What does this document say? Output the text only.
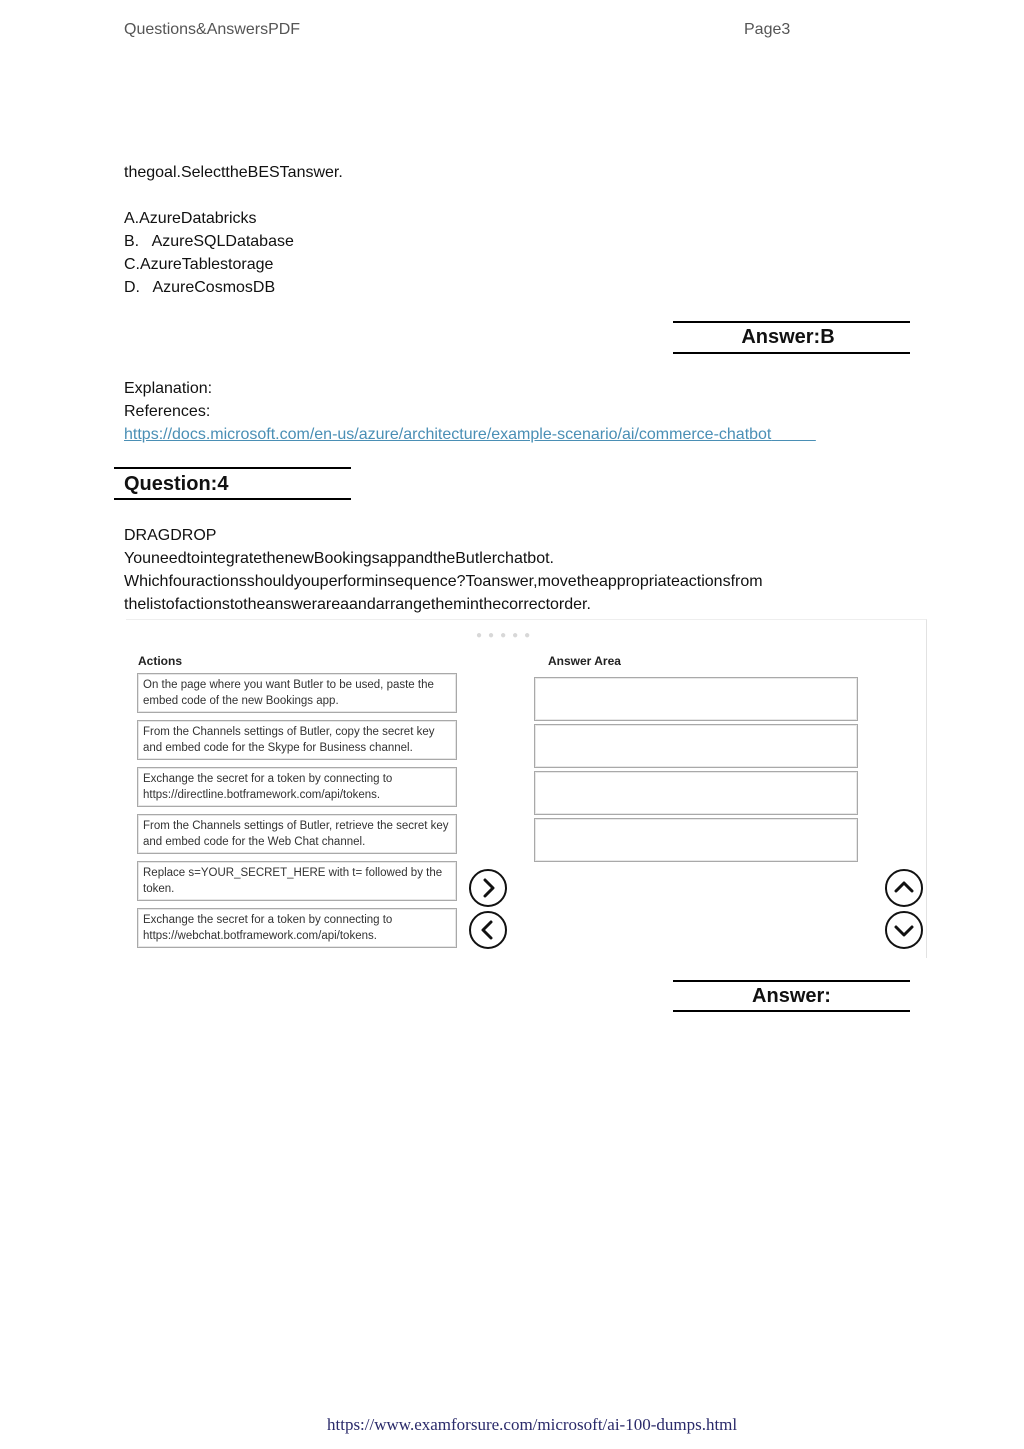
Questions&AnswersPDF	Page3
thegoal.SelecttheBESTanswer.
A.AzureDatabricks
B.   AzureSQLDatabase
C.AzureTablestorage
D.   AzureCosmosDB
Answer:B
Explanation:
References:
https://docs.microsoft.com/en-us/azure/architecture/example-scenario/ai/commerce-chatbot
Question:4
DRAGDROP
YouneedtointegratethenewBookingsappandtheButlerchatbot.
Whichfouractionsshouldyouperforminsequence?Toanswer,movetheappropriateactionsfrom
thelistofactionstotheanswerareaandarrangetheminthecorrectorder.
●●●●●
Actions	Answer Area
On the page where you want Butler to be used, paste the embed code of the new Bookings app.
From the Channels settings of Butler, copy the secret key and embed code for the Skype for Business channel.
Exchange the secret for a token by connecting to https://directline.botframework.com/api/tokens.
From the Channels settings of Butler, retrieve the secret key and embed code for the Web Chat channel.
Replace s=YOUR_SECRET_HERE with t= followed by the token.
Exchange the secret for a token by connecting to https://webchat.botframework.com/api/tokens.
Answer:
https://www.examforsure.com/microsoft/ai-100-dumps.html
